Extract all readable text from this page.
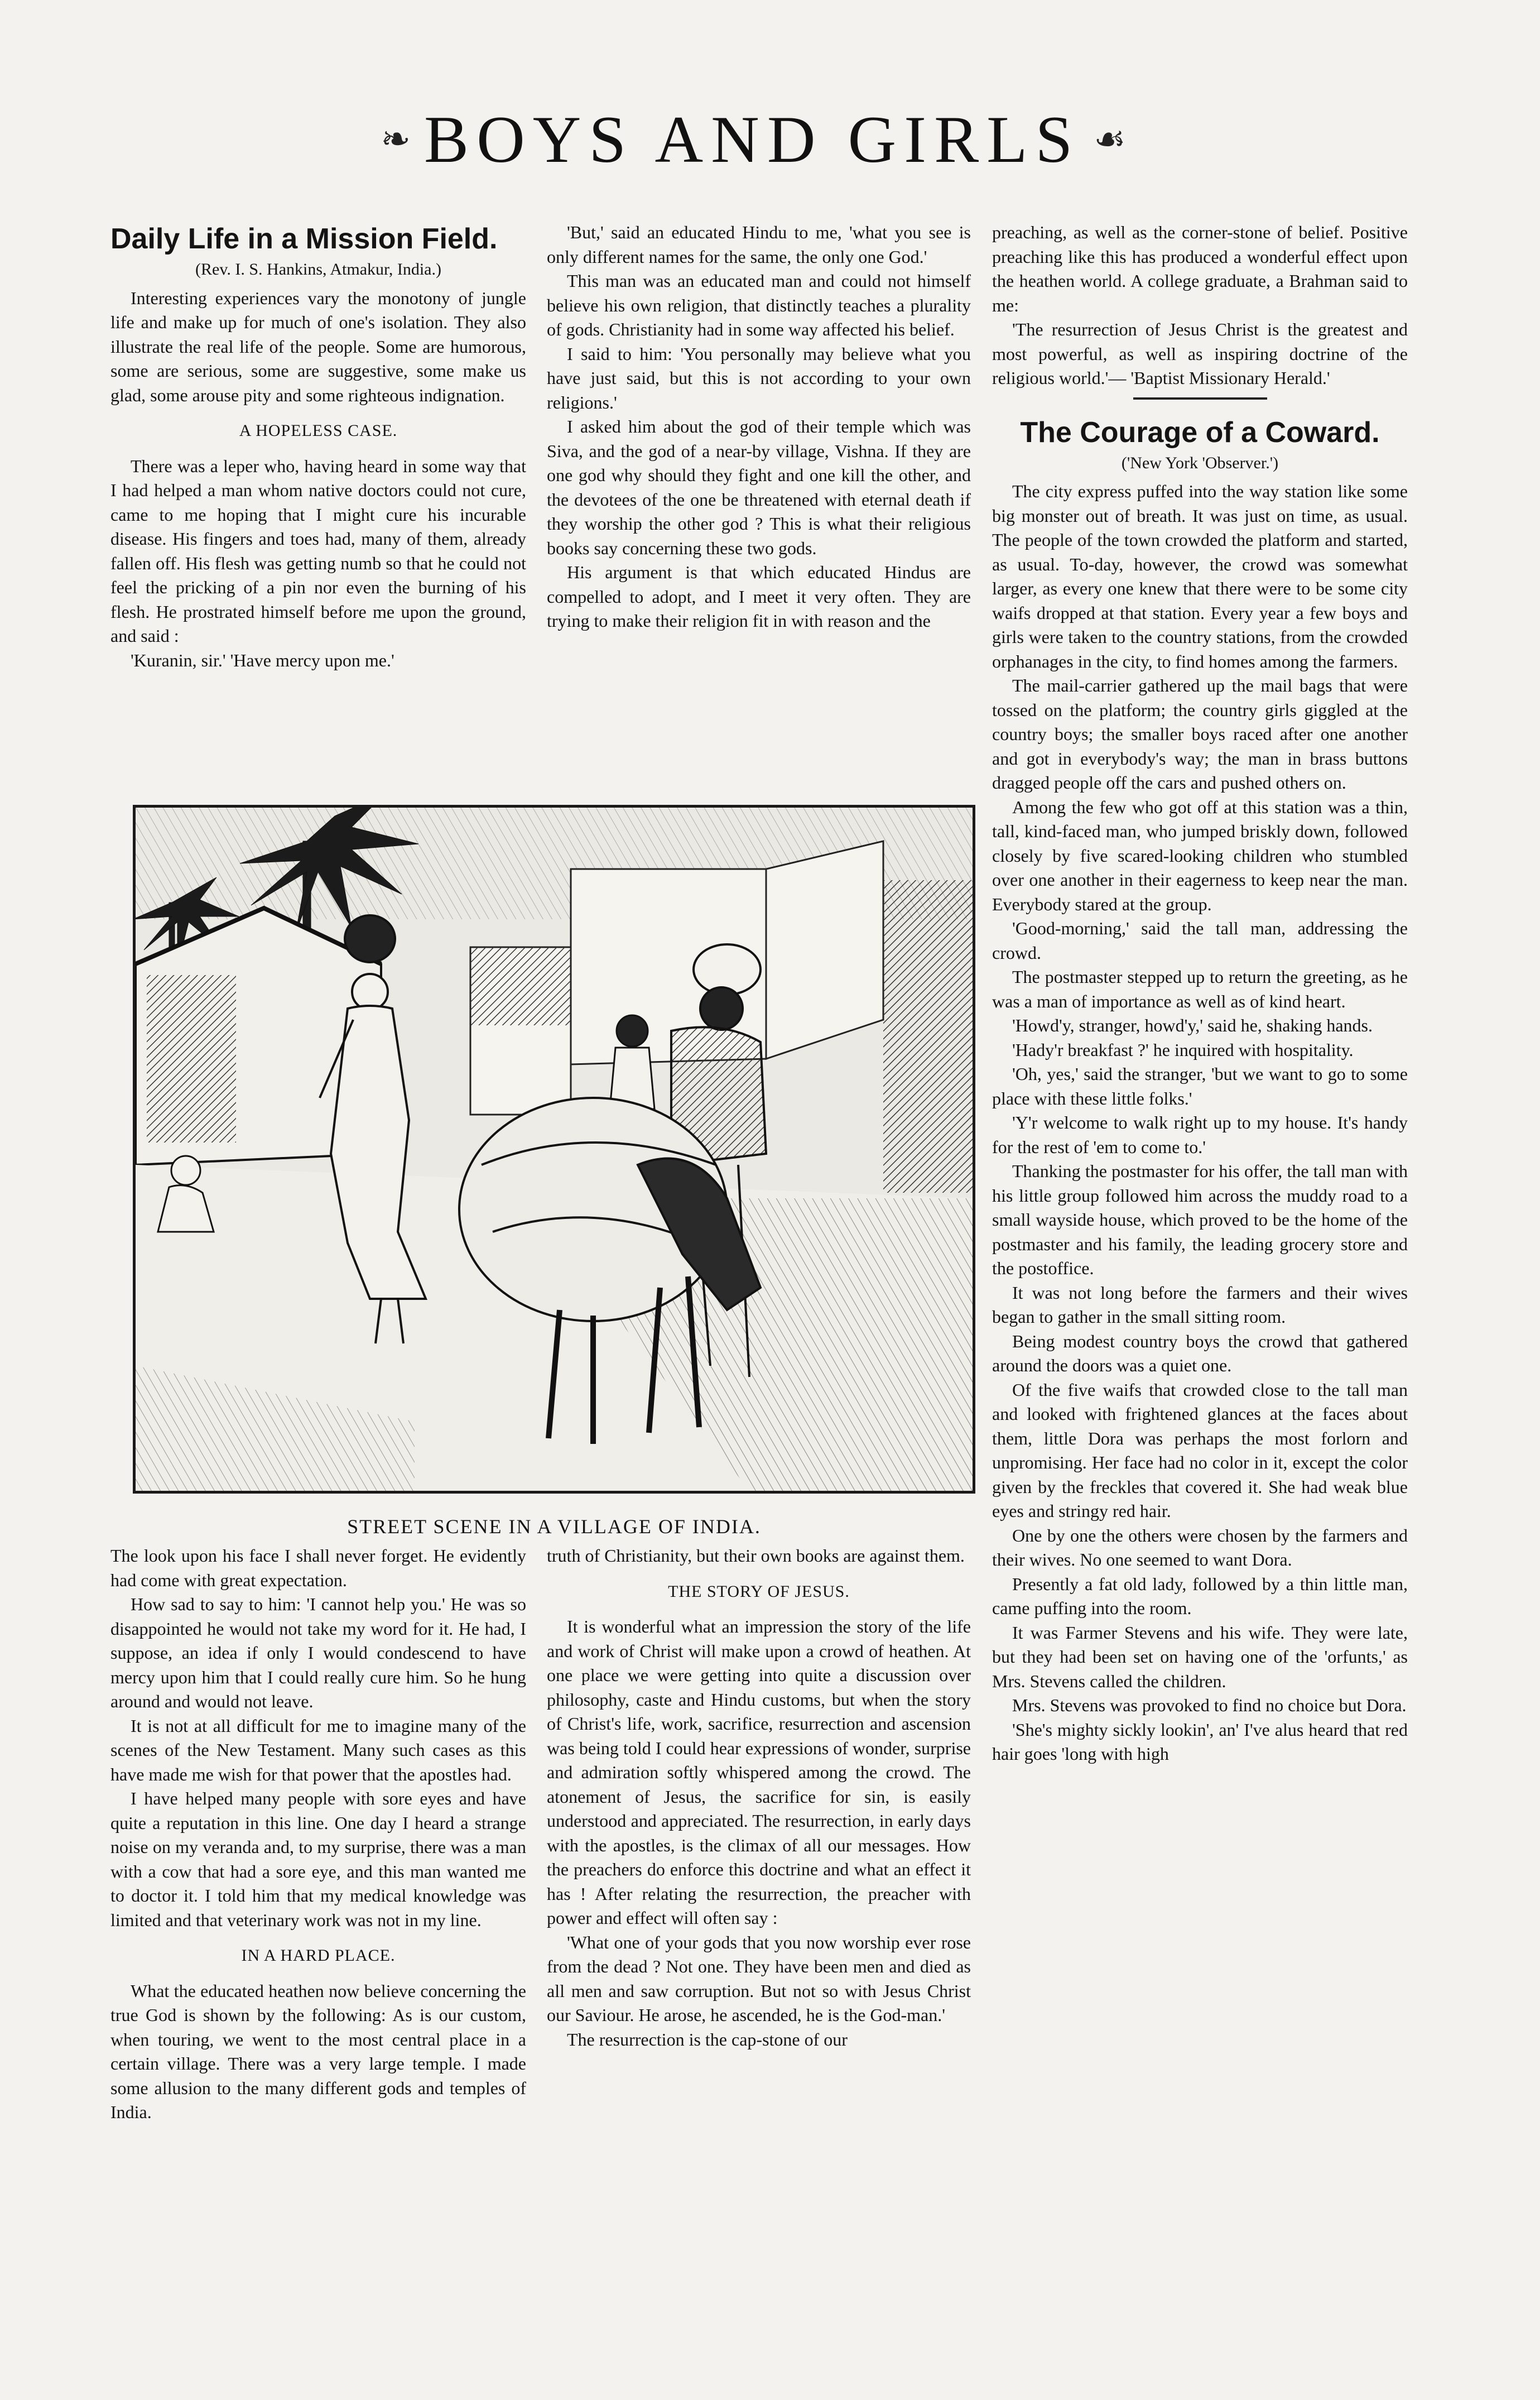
❧ BOYS AND GIRLS ☙
Daily Life in a Mission Field.
(Rev. I. S. Hankins, Atmakur, India.)

Interesting experiences vary the monotony of jungle life and make up for much of one's isolation. They also illustrate the real life of the people. Some are humorous, some are serious, some are suggestive, some make us glad, some arouse pity and some righteous indignation.

A HOPELESS CASE.

There was a leper who, having heard in some way that I had helped a man whom native doctors could not cure, came to me hoping that I might cure his incurable disease. His fingers and toes had, many of them, already fallen off. His flesh was getting numb so that he could not feel the pricking of a pin nor even the burning of his flesh. He prostrated himself before me upon the ground, and said :

'Kuranin, sir.' 'Have mercy upon me.'

'But,' said an educated Hindu to me, 'what you see is only different names for the same, the only one God.'

This man was an educated man and could not himself believe his own religion, that distinctly teaches a plurality of gods. Christianity had in some way affected his belief.

I said to him: 'You personally may believe what you have just said, but this is not according to your own religions.'

I asked him about the god of their temple which was Siva, and the god of a near-by village, Vishna. If they are one god why should they fight and one kill the other, and the devotees of the one be threatened with eternal death if they worship the other god ? This is what their religious books say concerning these two gods.

His argument is that which educated Hindus are compelled to adopt, and I meet it very often. They are trying to make their religion fit in with reason and the

STREET SCENE IN A VILLAGE OF INDIA.

The look upon his face I shall never forget. He evidently had come with great expectation.

How sad to say to him: 'I cannot help you.' He was so disappointed he would not take my word for it. He had, I suppose, an idea if only I would condescend to have mercy upon him that I could really cure him. So he hung around and would not leave.

It is not at all difficult for me to imagine many of the scenes of the New Testament. Many such cases as this have made me wish for that power that the apostles had.

I have helped many people with sore eyes and have quite a reputation in this line. One day I heard a strange noise on my veranda and, to my surprise, there was a man with a cow that had a sore eye, and this man wanted me to doctor it. I told him that my medical knowledge was limited and that veterinary work was not in my line.

IN A HARD PLACE.

What the educated heathen now believe concerning the true God is shown by the following: As is our custom, when touring, we went to the most central place in a certain village. There was a very large temple. I made some allusion to the many different gods and temples of India.

truth of Christianity, but their own books are against them.

THE STORY OF JESUS.

It is wonderful what an impression the story of the life and work of Christ will make upon a crowd of heathen. At one place we were getting into quite a discussion over philosophy, caste and Hindu customs, but when the story of Christ's life, work, sacrifice, resurrection and ascension was being told I could hear expressions of wonder, surprise and admiration softly whispered among the crowd. The atonement of Jesus, the sacrifice for sin, is easily understood and appreciated. The resurrection, in early days with the apostles, is the climax of all our messages. How the preachers do enforce this doctrine and what an effect it has ! After relating the resurrection, the preacher with power and effect will often say :

'What one of your gods that you now worship ever rose from the dead ? Not one. They have been men and died as all men and saw corruption. But not so with Jesus Christ our Saviour. He arose, he ascended, he is the God-man.'

The resurrection is the cap-stone of our

preaching, as well as the corner-stone of belief. Positive preaching like this has produced a wonderful effect upon the heathen world. A college graduate, a Brahman said to me:

'The resurrection of Jesus Christ is the greatest and most powerful, as well as inspiring doctrine of the religious world.'— 'Baptist Missionary Herald.'

The Courage of a Coward.
('New York 'Observer.')

The city express puffed into the way station like some big monster out of breath. It was just on time, as usual. The people of the town crowded the platform and started, as usual. To-day, however, the crowd was somewhat larger, as every one knew that there were to be some city waifs dropped at that station. Every year a few boys and girls were taken to the country stations, from the crowded orphanages in the city, to find homes among the farmers.

The mail-carrier gathered up the mail bags that were tossed on the platform; the country girls giggled at the country boys; the smaller boys raced after one another and got in everybody's way; the man in brass buttons dragged people off the cars and pushed others on.

Among the few who got off at this station was a thin, tall, kind-faced man, who jumped briskly down, followed closely by five scared-looking children who stumbled over one another in their eagerness to keep near the man. Everybody stared at the group.

'Good-morning,' said the tall man, addressing the crowd.

The postmaster stepped up to return the greeting, as he was a man of importance as well as of kind heart.

'Howd'y, stranger, howd'y,' said he, shaking hands.

'Hady'r breakfast ?' he inquired with hospitality.

'Oh, yes,' said the stranger, 'but we want to go to some place with these little folks.'

'Y'r welcome to walk right up to my house. It's handy for the rest of 'em to come to.'

Thanking the postmaster for his offer, the tall man with his little group followed him across the muddy road to a small wayside house, which proved to be the home of the postmaster and his family, the leading grocery store and the postoffice.

It was not long before the farmers and their wives began to gather in the small sitting room.

Being modest country boys the crowd that gathered around the doors was a quiet one.

Of the five waifs that crowded close to the tall man and looked with frightened glances at the faces about them, little Dora was perhaps the most forlorn and unpromising. Her face had no color in it, except the color given by the freckles that covered it. She had weak blue eyes and stringy red hair.

One by one the others were chosen by the farmers and their wives. No one seemed to want Dora.

Presently a fat old lady, followed by a thin little man, came puffing into the room.

It was Farmer Stevens and his wife. They were late, but they had been set on having one of the 'orfunts,' as Mrs. Stevens called the children.

Mrs. Stevens was provoked to find no choice but Dora.

'She's mighty sickly lookin', an' I've alus heard that red hair goes 'long with high
